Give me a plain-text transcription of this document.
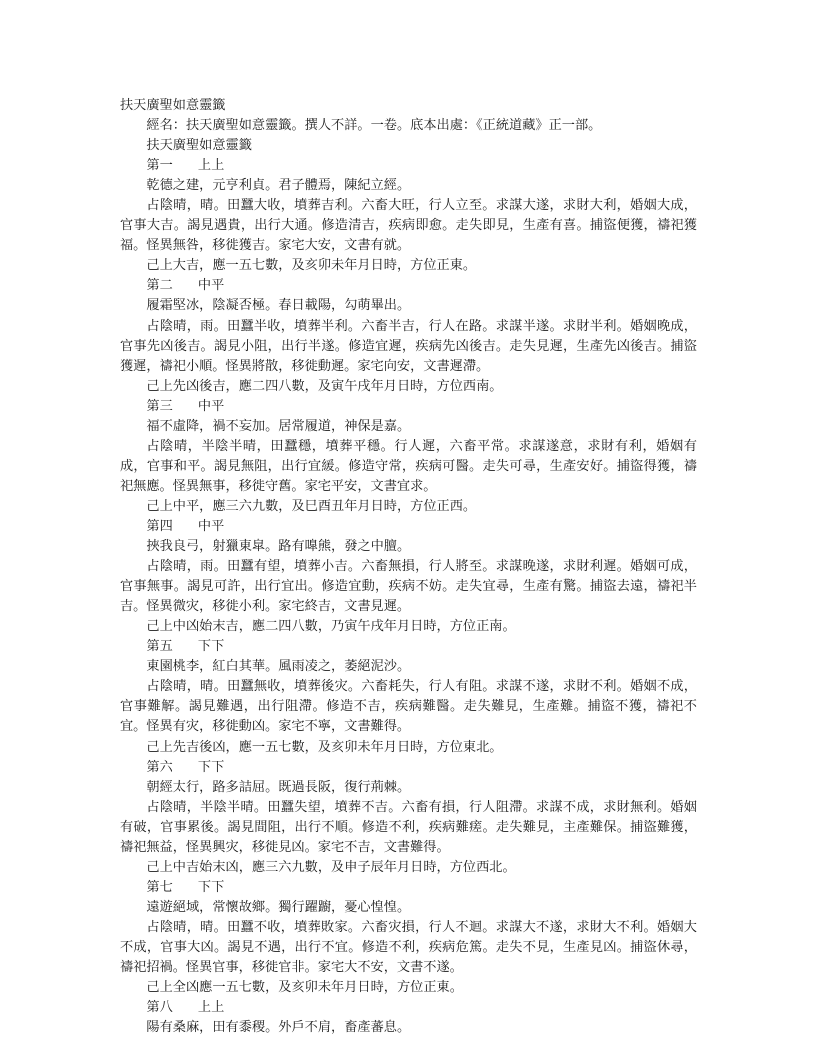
扶天廣聖如意靈籤
經名：扶天廣聖如意靈籤。撰人不詳。一卷。底本出處：《正統道藏》正一部。
扶天廣聖如意靈籤
第一 上上
乾德之建，元亨利貞。君子體焉，陳紀立經。
占陰晴，晴。田蠶大收，墳葬吉利。六畜大旺，行人立至。求謀大遂，求財大利，婚姻大成，官事大吉。謁見遇貴，出行大通。修造清吉，疾病即愈。走失即見，生產有喜。捕盜便獲，禱祀獲福。怪異無咎，移徙獲吉。家宅大安，文書有就。
己上大吉，應一五七數，及亥卯未年月日時，方位正東。
第二 中平
履霜堅冰，陰凝否極。春日載陽，勾萌畢出。
占陰晴，雨。田蠶半收，墳葬半利。六畜半吉，行人在路。求謀半遂。求財半利。婚姻晚成，官事先凶後吉。謁見小阻，出行半遂。修造宜遲，疾病先凶後吉。走失見遲，生產先凶後吉。捕盜獲遲，禱祀小順。怪異將散，移徙動遲。家宅向安，文書遲滯。
己上先凶後吉，應二四八數，及寅午戌年月日時，方位西南。
第三 中平
福不虛降，禍不妄加。居常履道，神保是嘉。
占陰晴，半陰半晴，田蠶穩，墳葬平穩。行人遲，六畜平常。求謀遂意，求財有利，婚姻有成，官事和平。謁見無阻，出行宜緩。修造守常，疾病可醫。走失可尋，生產安好。捕盜得獲，禱祀無應。怪異無事，移徙守舊。家宅平安，文書宜求。
己上中平，應三六九數，及巳酉丑年月日時，方位正西。
第四 中平
挾我良弓，射獵東皐。路有嘷熊，發之中膻。
占陰晴，雨。田蠶有望，墳葬小吉。六畜無損，行人將至。求謀晚遂，求財利遲。婚姻可成，官事無事。謁見可許，出行宜出。修造宜動，疾病不妨。走失宜尋，生產有驚。捕盜去遠，禱祀半吉。怪異微灾，移徙小利。家宅終吉，文書見遲。
己上中凶始末吉，應二四八數，乃寅午戌年月日時，方位正南。
第五 下下
東園桃李，紅白其華。風雨凌之，萎絕泥沙。
占陰晴，晴。田蠶無收，墳葬後灾。六畜耗失，行人有阻。求謀不遂，求財不利。婚姻不成，官事難解。謁見難遇，出行阻滯。修造不吉，疾病難醫。走失難見，生產難。捕盜不獲，禱祀不宜。怪異有灾，移徙動凶。家宅不寧，文書難得。
己上先吉後凶，應一五七數，及亥卯未年月日時，方位東北。
第六 下下
朝經太行，路多詰屈。既過長阪，復行荊棘。
占陰晴，半陰半晴。田蠶失望，墳葬不吉。六畜有損，行人阻滯。求謀不成，求財無利。婚姻有破，官事累後。謁見間阻，出行不順。修造不利，疾病難瘥。走失難見，主產難保。捕盜難獲，禱祀無益，怪異興灾，移徙見凶。家宅不吉，文書難得。
己上中吉始末凶，應三六九數，及申子辰年月日時，方位西北。
第七 下下
遠遊絕域，常懷故鄉。獨行躍躕，憂心惶惶。
占陰晴，晴。田蠶不收，墳葬敗家。六畜灾損，行人不迴。求謀大不遂，求財大不利。婚姻大不成，官事大凶。謁見不遇，出行不宜。修造不利，疾病危篤。走失不見，生產見凶。捕盜休尋，禱祀招禍。怪異官事，移徙官非。家宅大不安，文書不遂。
己上全凶應一五七數，及亥卯未年月日時，方位正東。
第八 上上
陽有桑麻，田有黍稷。外戶不肩，畜產蕃息。
